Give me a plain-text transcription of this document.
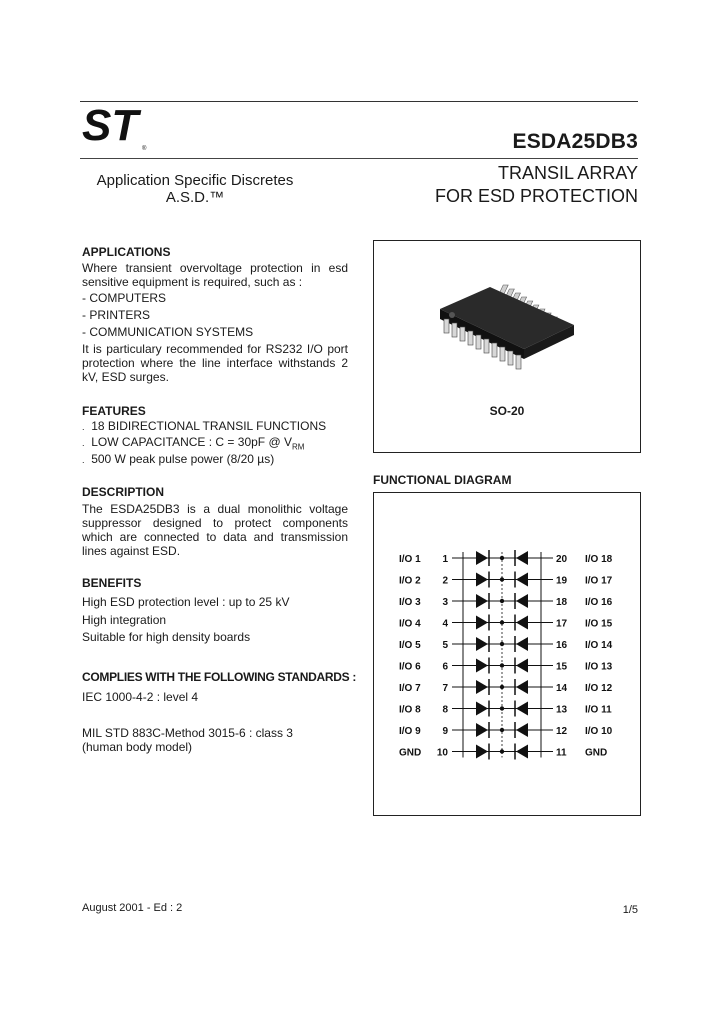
ST ®	ESDA25DB3
TRANSIL ARRAY
FOR ESD PROTECTION
Application Specific Discretes
A.S.D.™
APPLICATIONS
Where transient overvoltage protection in esd sensitive equipment is required, such as :
- COMPUTERS
- PRINTERS
- COMMUNICATION SYSTEMS
It is particulary recommended for RS232 I/O port protection where the line interface withstands 2 kV, ESD surges.
FEATURES
. 18 BIDIRECTIONAL TRANSIL FUNCTIONS
. LOW CAPACITANCE : C = 30pF @ $V_{RM}$
. 500 W peak pulse power (8/20 µs)
DESCRIPTION
The ESDA25DB3 is a dual monolithic voltage suppressor designed to protect components which are connected to data and transmission lines against ESD.
BENEFITS
High ESD protection level : up to 25 kV
High integration
Suitable for high density boards
COMPLIES WITH THE FOLLOWING STANDARDS :
IEC 1000-4-2 : level 4
MIL STD 883C-Method 3015-6 : class 3
(human body model)
SO-20
FUNCTIONAL DIAGRAM
I/O 1 1	20 I/O 18
I/O 2 2	19 I/O 17
I/O 3 3	18 I/O 16
I/O 4 4	17 I/O 15
I/O 5 5	16 I/O 14
I/O 6 6	15 I/O 13
I/O 7 7	14 I/O 12
I/O 8 8	13 I/O 11
I/O 9 9	12 I/O 10
GND 10	11 GND
August 2001 - Ed : 2	1/5
